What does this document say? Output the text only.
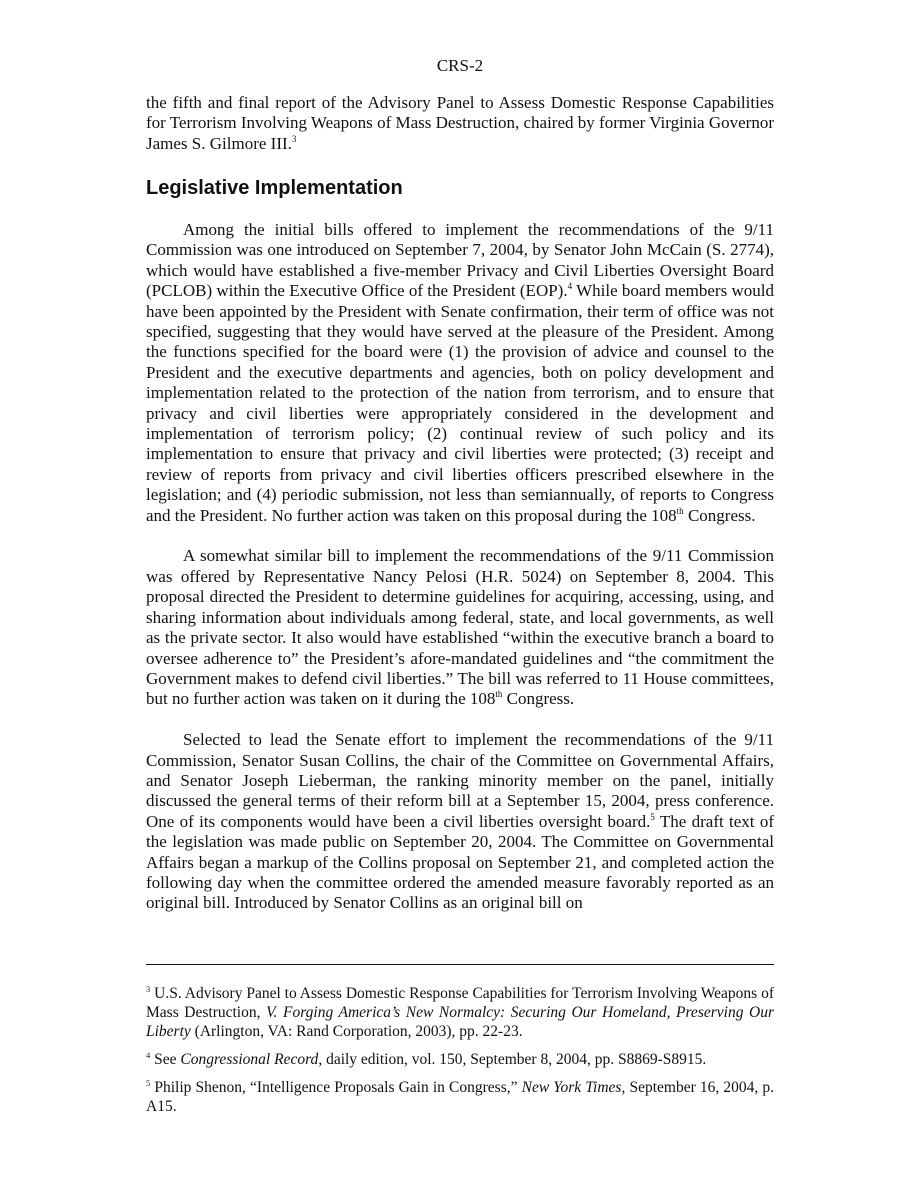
CRS-2

the fifth and final report of the Advisory Panel to Assess Domestic Response Capabilities for Terrorism Involving Weapons of Mass Destruction, chaired by former Virginia Governor James S. Gilmore III.$^3$

Legislative Implementation

Among the initial bills offered to implement the recommendations of the 9/11 Commission was one introduced on September 7, 2004, by Senator John McCain (S. 2774), which would have established a five-member Privacy and Civil Liberties Oversight Board (PCLOB) within the Executive Office of the President (EOP).$^4$ While board members would have been appointed by the President with Senate confirmation, their term of office was not specified, suggesting that they would have served at the pleasure of the President. Among the functions specified for the board were (1) the provision of advice and counsel to the President and the executive departments and agencies, both on policy development and implementation related to the protection of the nation from terrorism, and to ensure that privacy and civil liberties were appropriately considered in the development and implementation of terrorism policy; (2) continual review of such policy and its implementation to ensure that privacy and civil liberties were protected; (3) receipt and review of reports from privacy and civil liberties officers prescribed elsewhere in the legislation; and (4) periodic submission, not less than semiannually, of reports to Congress and the President. No further action was taken on this proposal during the 108th Congress.

A somewhat similar bill to implement the recommendations of the 9/11 Commission was offered by Representative Nancy Pelosi (H.R. 5024) on September 8, 2004. This proposal directed the President to determine guidelines for acquiring, accessing, using, and sharing information about individuals among federal, state, and local governments, as well as the private sector. It also would have established “within the executive branch a board to oversee adherence to” the President’s afore-mandated guidelines and “the commitment the Government makes to defend civil liberties.” The bill was referred to 11 House committees, but no further action was taken on it during the 108th Congress.

Selected to lead the Senate effort to implement the recommendations of the 9/11 Commission, Senator Susan Collins, the chair of the Committee on Governmental Affairs, and Senator Joseph Lieberman, the ranking minority member on the panel, initially discussed the general terms of their reform bill at a September 15, 2004, press conference. One of its components would have been a civil liberties oversight board.$^5$ The draft text of the legislation was made public on September 20, 2004. The Committee on Governmental Affairs began a markup of the Collins proposal on September 21, and completed action the following day when the committee ordered the amended measure favorably reported as an original bill. Introduced by Senator Collins as an original bill on

$^3$ U.S. Advisory Panel to Assess Domestic Response Capabilities for Terrorism Involving Weapons of Mass Destruction, V. Forging America’s New Normalcy: Securing Our Homeland, Preserving Our Liberty (Arlington, VA: Rand Corporation, 2003), pp. 22-23.

$^4$ See Congressional Record, daily edition, vol. 150, September 8, 2004, pp. S8869-S8915.

$^5$ Philip Shenon, “Intelligence Proposals Gain in Congress,” New York Times, September 16, 2004, p. A15.
